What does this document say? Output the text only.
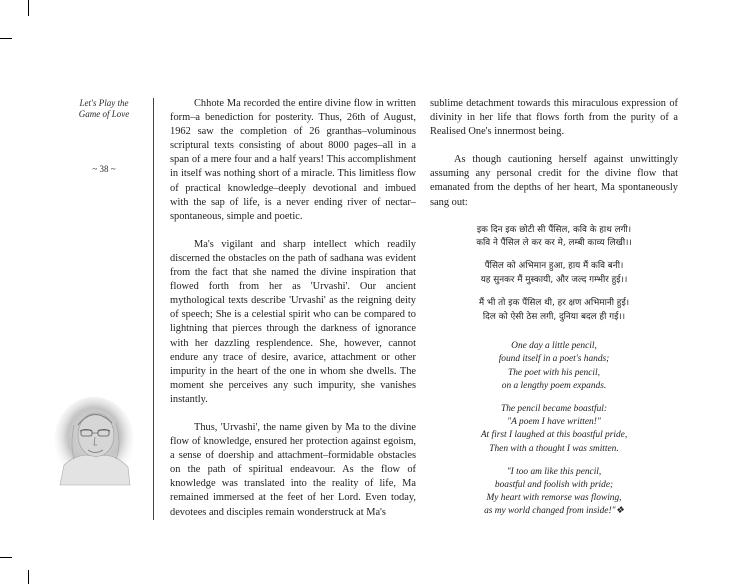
Let's Play the
Game of Love
~ 38 ~

Chhote Ma recorded the entire divine flow in written form–a benediction for posterity. Thus, 26th of August, 1962 saw the completion of 26 granthas–voluminous scriptural texts consisting of about 8000 pages–all in a span of a mere four and a half years! This accomplishment in itself was nothing short of a miracle. This limitless flow of practical knowledge–deeply devotional and imbued with the sap of life, is a never ending river of nectar–spontaneous, simple and poetic.

Ma's vigilant and sharp intellect which readily discerned the obstacles on the path of sadhana was evident from the fact that she named the divine inspiration that flowed forth from her as 'Urvashi'. Our ancient mythological texts describe 'Urvashi' as the reigning deity of speech; She is a celestial spirit who can be compared to lightning that pierces through the darkness of ignorance with her dazzling resplendence. She, however, cannot endure any trace of desire, avarice, attachment or other impurity in the heart of the one in whom she dwells. The moment she perceives any such impurity, she vanishes instantly.

Thus, 'Urvashi', the name given by Ma to the divine flow of knowledge, ensured her protection against egoism, a sense of doership and attachment–formidable obstacles on the path of spiritual endeavour. As the flow of knowledge was translated into the reality of life, Ma remained immersed at the feet of her Lord. Even today, devotees and disciples remain wonderstruck at Ma's

sublime detachment towards this miraculous expression of divinity in her life that flows forth from the purity of a Realised One's innermost being.

As though cautioning herself against unwittingly assuming any personal credit for the divine flow that emanated from the depths of her heart, Ma spontaneously sang out:

इक दिन इक छोटी सी पैंसिल, कवि के हाथ लगी।
कवि ने पैंसिल ले कर कर मे, लम्बी काव्य लिखी।।
पैंसिल को अभिमान हुआ, हाय मैं कवि बनी।
यह सुनकर मैं मुस्कायी, और जल्द गम्भीर हुई।।
मैं भी तो इक पैंसिल थी, हर क्षण अभिमानी हुई।
दिल को ऐसी ठेस लगी, दुनिया बदल ही गई।।
One day a little pencil,
found itself in a poet's hands;
The poet with his pencil,
on a lengthy poem expands.
The pencil became boastful:
"A poem I have written!"
At first I laughed at this boastful pride,
Then with a thought I was smitten.
"I too am like this pencil,
boastful and foolish with pride;
My heart with remorse was flowing,
as my world changed from inside!"❖
